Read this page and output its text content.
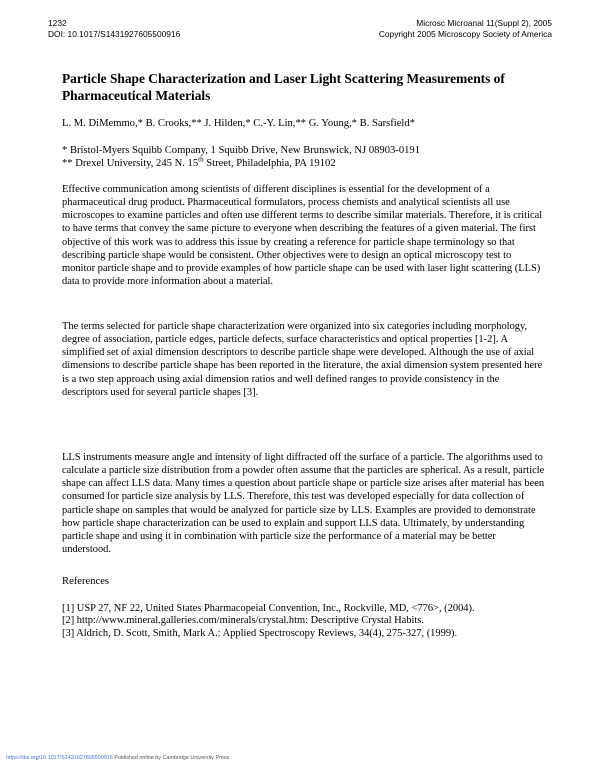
1232
DOI: 10.1017/S1431927605500916
Microsc Microanal 11(Suppl 2), 2005
Copyright 2005 Microscopy Society of America
Particle Shape Characterization and Laser Light Scattering Measurements of Pharmaceutical Materials
L. M. DiMemmo,* B. Crooks,** J. Hilden,* C.-Y. Lin,** G. Young,* B. Sarsfield*
* Bristol-Myers Squibb Company, 1 Squibb Drive, New Brunswick, NJ 08903-0191
** Drexel University, 245 N. 15th Street, Philadelphia, PA 19102

Effective communication among scientists of different disciplines is essential for the development of a pharmaceutical drug product. Pharmaceutical formulators, process chemists and analytical scientists all use microscopes to examine particles and often use different terms to describe similar materials. Therefore, it is critical to have terms that convey the same picture to everyone when describing the features of a given material. The first objective of this work was to address this issue by creating a reference for particle shape terminology so that describing particle shape would be consistent. Other objectives were to design an optical microscopy test to monitor particle shape and to provide examples of how particle shape can be used with laser light scattering (LLS) data to provide more information about a material.

The terms selected for particle shape characterization were organized into six categories including morphology, degree of association, particle edges, particle defects, surface characteristics and optical properties [1-2]. A simplified set of axial dimension descriptors to describe particle shape were developed. Although the use of axial dimensions to describe particle shape has been reported in the literature, the axial dimension system presented here is a two step approach using axial dimension ratios and well defined ranges to provide consistency in the descriptors used for several particle shapes [3].

LLS instruments measure angle and intensity of light diffracted off the surface of a particle. The algorithms used to calculate a particle size distribution from a powder often assume that the particles are spherical. As a result, particle shape can affect LLS data. Many times a question about particle shape or particle size arises after material has been consumed for particle size analysis by LLS. Therefore, this test was developed especially for data collection of particle shape on samples that would be analyzed for particle size by LLS. Examples are provided to demonstrate how particle shape characterization can be used to explain and support LLS data. Ultimately, by understanding particle shape and using it in combination with particle size the performance of a material may be better understood.

References
[1] USP 27, NF 22, United States Pharmacopeial Convention, Inc., Rockville, MD, <776>, (2004).
[2] http://www.mineral.galleries.com/minerals/crystal.htm: Descriptive Crystal Habits.
[3] Aldrich, D. Scott, Smith, Mark A.: Applied Spectroscopy Reviews, 34(4), 275-327, (1999).
https://doi.org/10.1017/S1431927605500916 Published online by Cambridge University Press
